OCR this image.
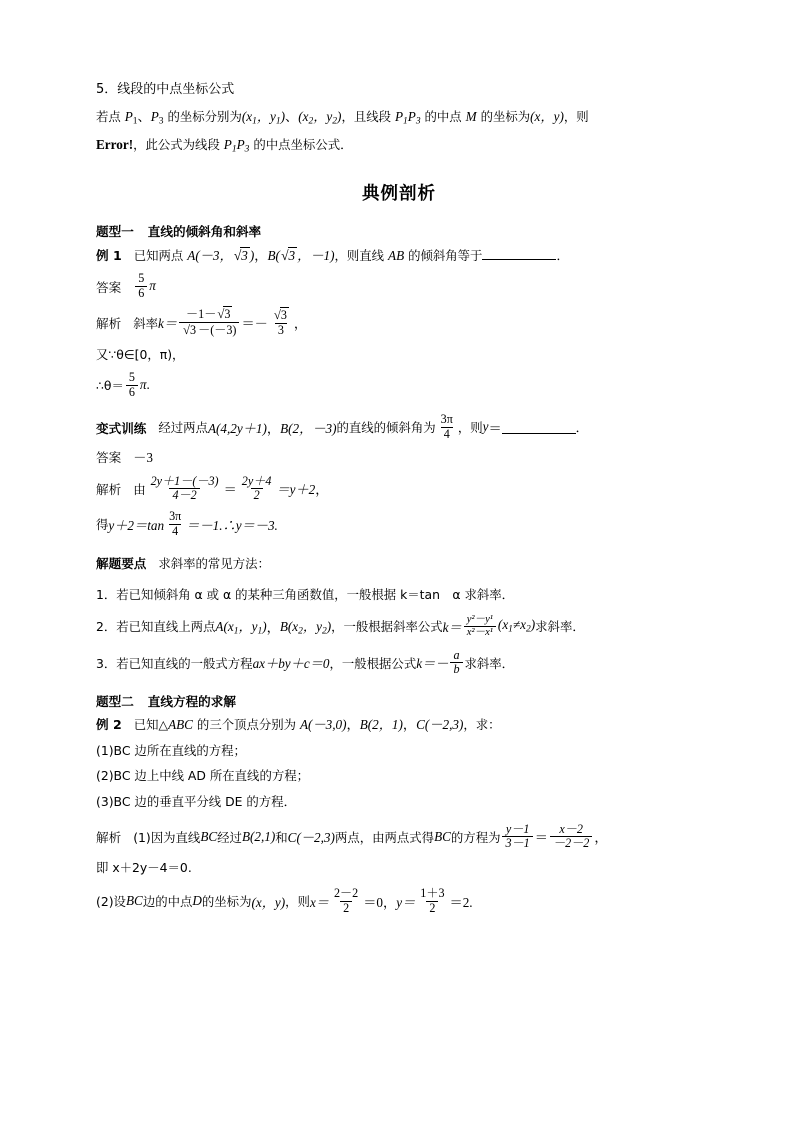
5．线段的中点坐标公式
若点 $P_1$、$P_3$ 的坐标分别为($x_1$，$y_1$)、($x_2$，$y_2$)，且线段 $P_1P_3$ 的中点 M 的坐标为(x，y)，则
Error!，此公式为线段 $P_1P_3$ 的中点坐标公式．
典例剖析
题型一 直线的倾斜角和斜率
例 1 已知两点 A(－3，√3 )，B(√3 ，－1)，则直线 AB 的倾斜角等于	．
答案 $\frac{5}{6}$ π
解析 斜率 $k= \frac{-1-√3}{√3 -(-3)}$ ＝ － $\frac{√3}{3}$ ，
又∵θ∈[0，π)，
∴θ＝ $\frac{5}{6}$ π .
变式训练 经过两点 A(4,2y＋1) ， B(2，－3) 的直线的倾斜角为 $\frac{3\pi}{4}$ ，则 y ＝	．
答案 －3
解析 由 $\frac{2y+1-(-3)}{4-2} = \frac{2y+4}{2} =y+2$ ，
得 $y+2=\tan \frac{3\pi}{4}$ ＝－1.∴y＝－3.
解题要点 求斜率的常见方法：
1．若已知倾斜角 α 或 α 的某种三角函数值，一般根据 k＝tan　α 求斜率．
2．若已知直线上两点 $A(x_1$，$y_1$) ， $B(x_2$，$y_2$) ，一般根据斜率公式 $k= \frac{\text{y²－y¹}}{\text{x²－x¹}} (x_1\ne x_2)$ 求斜率．
3．若已知直线的一般式方程 ax＋by＋c＝0 ，一般根据公式 $k=- \frac{a}{b}$ 求斜率．
题型二 直线方程的求解
例 2 已知△ABC 的三个顶点分别为 A(－3,0)，B(2，1)，C(－2,3)，求：
(1)BC 边所在直线的方程；
(2)BC 边上中线 AD 所在直线的方程；
(3)BC 边的垂直平分线 DE 的方程．
解析 (1)因为直线 BC 经过 B(2,1) 和 C(－2,3) 两点，由两点式得 BC 的方程为 $\frac{y-1}{3-1} = \frac{x-2}{-2-2}$ ，
即 x＋2y－4＝0.
(2)设 BC 边的中点 D 的坐标为 (x，y) ，则 $x= \frac{2-2}{2} =0$， $y= \frac{1+3}{2} =2$.
